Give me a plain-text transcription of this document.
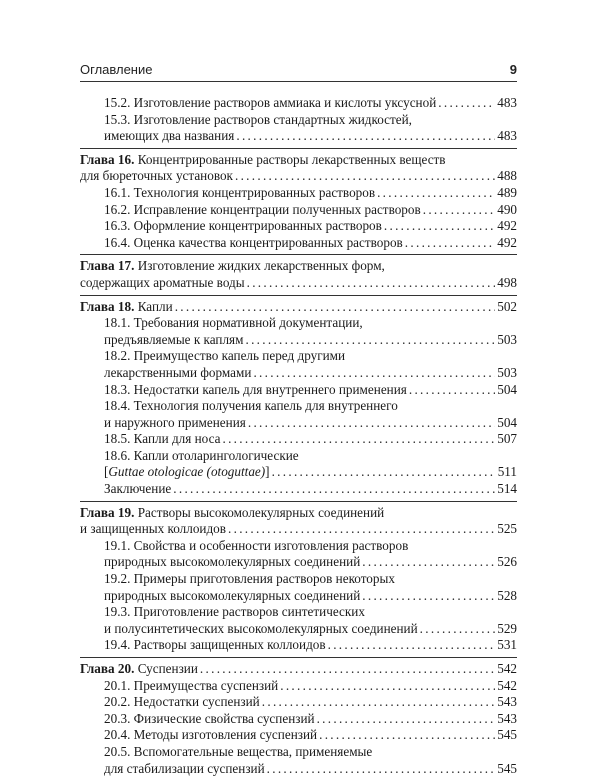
Оглавление	9
15.2. Изготовление растворов аммиака и кислоты уксусной . . .	483
15.3. Изготовление растворов стандартных жидкостей,
имеющих два названия . . .	483
Глава 16. Концентрированные растворы лекарственных веществ
для бюреточных установок . . .	488
16.1. Технология концентрированных растворов . . .	489
16.2. Исправление концентрации полученных растворов . . .	490
16.3. Оформление концентрированных растворов . . .	492
16.4. Оценка качества концентрированных растворов . . .	492
Глава 17. Изготовление жидких лекарственных форм,
содержащих ароматные воды . . .	498
Глава 18. Капли . . .	502
18.1. Требования нормативной документации,
предъявляемые к каплям . . .	503
18.2. Преимущество капель перед другими
лекарственными формами . . .	503
18.3. Недостатки капель для внутреннего применения . . .	504
18.4. Технология получения капель для внутреннего
и наружного применения . . .	504
18.5. Капли для носа . . .	507
18.6. Капли отоларингологические
[Guttae otologicae (otoguttae)] . . .	511
Заключение . . .	514
Глава 19. Растворы высокомолекулярных соединений
и защищенных коллоидов . . .	525
19.1. Свойства и особенности изготовления растворов
природных высокомолекулярных соединений . . .	526
19.2. Примеры приготовления растворов некоторых
природных высокомолекулярных соединений . . .	528
19.3. Приготовление растворов синтетических
и полусинтетических высокомолекулярных соединений . . .	529
19.4. Растворы защищенных коллоидов . . .	531
Глава 20. Суспензии . . .	542
20.1. Преимущества суспензий . . .	542
20.2. Недостатки суспензий . . .	543
20.3. Физические свойства суспензий . . .	543
20.4. Методы изготовления суспензий . . .	545
20.5. Вспомогательные вещества, применяемые
для стабилизации суспензий . . .	545
